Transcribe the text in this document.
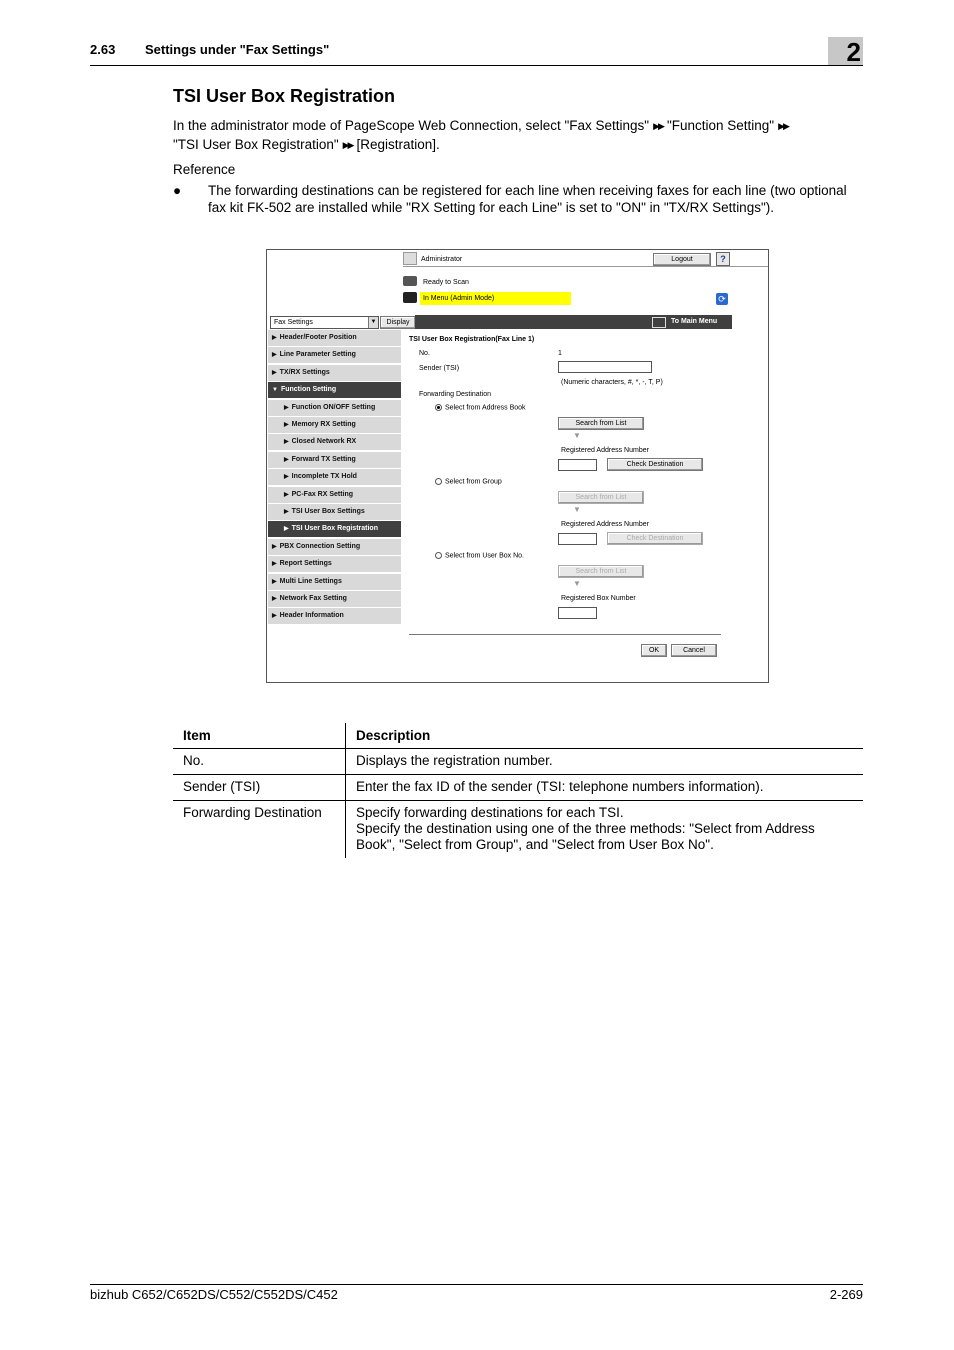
2.63 Settings under "Fax Settings"	2
TSI User Box Registration
In the administrator mode of PageScope Web Connection, select "Fax Settings" ▶▶ "Function Setting" ▶▶
"TSI User Box Registration" ▶▶ [Registration].
Reference
● The forwarding destinations can be registered for each line when receiving faxes for each line (two optional fax kit FK-502 are installed while "RX Setting for each Line" is set to "ON" in "TX/RX Settings").
Administrator	Logout	?
Ready to Scan
In Menu (Admin Mode)	⟳
Fax Settings	▼	Display	To Main Menu
▶ Header/Footer Position
▶ Line Parameter Setting
▶ TX/RX Settings
▼ Function Setting
▶ Function ON/OFF Setting
▶ Memory RX Setting
▶ Closed Network RX
▶ Forward TX Setting
▶ Incomplete TX Hold
▶ PC-Fax RX Setting
▶ TSI User Box Settings
▶ TSI User Box Registration
▶ PBX Connection Setting
▶ Report Settings
▶ Multi Line Settings
▶ Network Fax Setting
▶ Header Information
TSI User Box Registration(Fax Line 1)
No.	1
Sender (TSI)
(Numeric characters, #, *, -, T, P)
Forwarding Destination
Select from Address Book
Search from List
▼
Registered Address Number
Check Destination
Select from Group
Search from List
▼
Registered Address Number
Check Destination
Select from User Box No.
Search from List
▼
Registered Box Number
OK	Cancel
Item	Description
No.	Displays the registration number.
Sender (TSI)	Enter the fax ID of the sender (TSI: telephone numbers information).
Forwarding Destination	Specify forwarding destinations for each TSI.
Specify the destination using one of the three methods: "Select from Address Book", "Select from Group", and "Select from User Box No".
bizhub C652/C652DS/C552/C552DS/C452	2-269
